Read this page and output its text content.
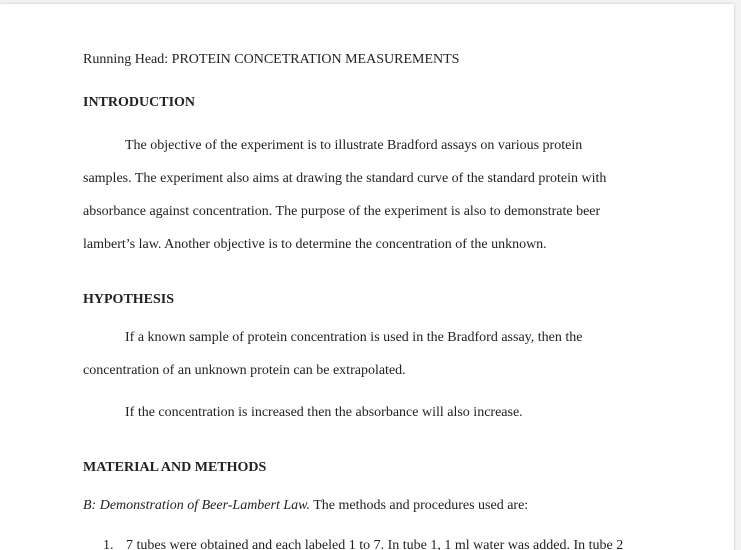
Running Head: PROTEIN CONCETRATION MEASUREMENTS
INTRODUCTION
The objective of the experiment is to illustrate Bradford assays on various protein
samples. The experiment also aims at drawing the standard curve of the standard protein with
absorbance against concentration. The purpose of the experiment is also to demonstrate beer
lambert’s law. Another objective is to determine the concentration of the unknown.
HYPOTHESIS
If a known sample of protein concentration is used in the Bradford assay, then the
concentration of an unknown protein can be extrapolated.
If the concentration is increased then the absorbance will also increase.
MATERIAL AND METHODS
B: Demonstration of Beer-Lambert Law. The methods and procedures used are:
1. 7 tubes were obtained and each labeled 1 to 7. In tube 1, 1 ml water was added. In tube 2
